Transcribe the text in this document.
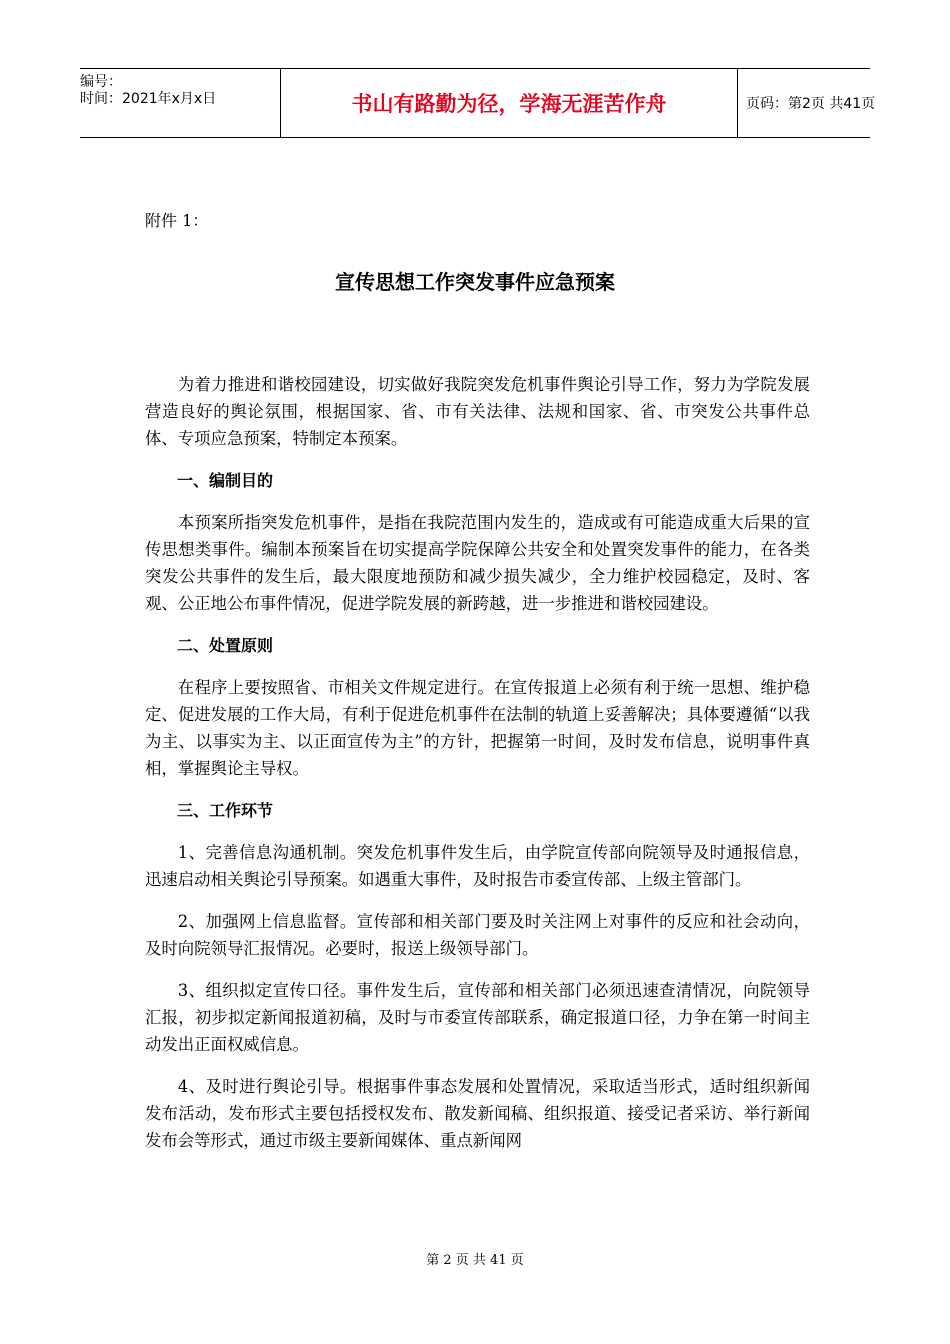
编号：
时间：2021年x月x日	书山有路勤为径，学海无涯苦作舟	页码：第2页 共41页
附件 1：
宣传思想工作突发事件应急预案

为着力推进和谐校园建设，切实做好我院突发危机事件舆论引导工作，努力为学院发展营造良好的舆论氛围，根据国家、省、市有关法律、法规和国家、省、市突发公共事件总体、专项应急预案，特制定本预案。

一、编制目的

本预案所指突发危机事件，是指在我院范围内发生的，造成或有可能造成重大后果的宣传思想类事件。编制本预案旨在切实提高学院保障公共安全和处置突发事件的能力，在各类突发公共事件的发生后，最大限度地预防和减少损失减少，全力维护校园稳定，及时、客观、公正地公布事件情况，促进学院发展的新跨越，进一步推进和谐校园建设。

二、处置原则

在程序上要按照省、市相关文件规定进行。在宣传报道上必须有利于统一思想、维护稳定、促进发展的工作大局，有利于促进危机事件在法制的轨道上妥善解决；具体要遵循“以我为主、以事实为主、以正面宣传为主”的方针，把握第一时间，及时发布信息，说明事件真相，掌握舆论主导权。

三、工作环节

1、完善信息沟通机制。突发危机事件发生后，由学院宣传部向院领导及时通报信息，迅速启动相关舆论引导预案。如遇重大事件，及时报告市委宣传部、上级主管部门。

2、加强网上信息监督。宣传部和相关部门要及时关注网上对事件的反应和社会动向，及时向院领导汇报情况。必要时，报送上级领导部门。

3、组织拟定宣传口径。事件发生后，宣传部和相关部门必须迅速查清情况，向院领导汇报，初步拟定新闻报道初稿，及时与市委宣传部联系，确定报道口径，力争在第一时间主动发出正面权威信息。

4、及时进行舆论引导。根据事件事态发展和处置情况，采取适当形式，适时组织新闻发布活动，发布形式主要包括授权发布、散发新闻稿、组织报道、接受记者采访、举行新闻发布会等形式，通过市级主要新闻媒体、重点新闻网

第 2 页 共 41 页
